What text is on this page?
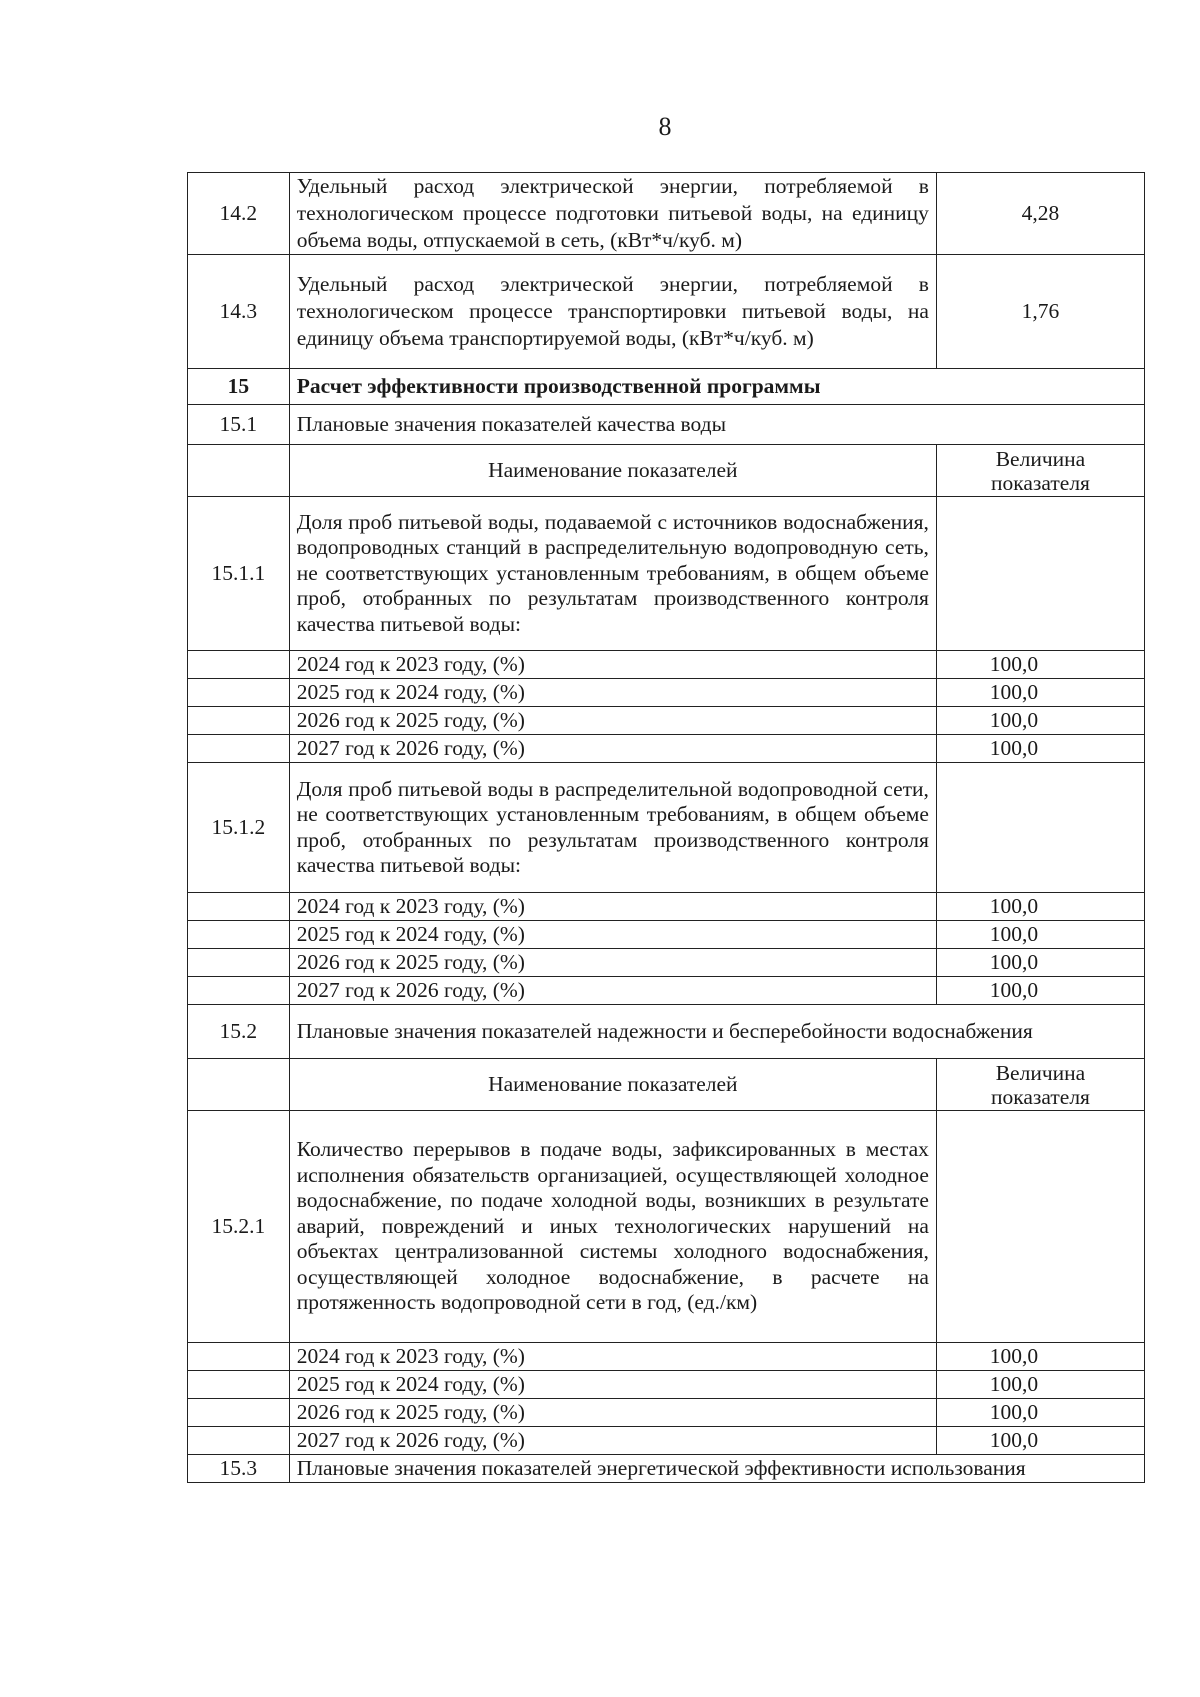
8
14.2	Удельный расход электрической энергии, потребляемой в технологическом процессе подготовки питьевой воды, на единицу объема воды, отпускаемой в сеть, (кВт*ч/куб. м)	4,28
14.3	Удельный расход электрической энергии, потребляемой в технологическом процессе транспортировки питьевой воды, на единицу объема транспортируемой воды, (кВт*ч/куб. м)	1,76
15	Расчет эффективности производственной программы	
15.1	Плановые значения показателей качества воды	
	Наименование показателей	Величина показателя
15.1.1	Доля проб питьевой воды, подаваемой с источников водоснабжения, водопроводных станций в распределительную водопроводную сеть, не соответствующих установленным требованиям, в общем объеме проб, отобранных по результатам производственного контроля качества питьевой воды:	
	2024 год к 2023 году, (%)	100,0
	2025 год к 2024 году, (%)	100,0
	2026 год к 2025 году, (%)	100,0
	2027 год к 2026 году, (%)	100,0
15.1.2	Доля проб питьевой воды в распределительной водопроводной сети, не соответствующих установленным требованиям, в общем объеме проб, отобранных по результатам производственного контроля качества питьевой воды:	
	2024 год к 2023 году, (%)	100,0
	2025 год к 2024 году, (%)	100,0
	2026 год к 2025 году, (%)	100,0
	2027 год к 2026 году, (%)	100,0
15.2	Плановые значения показателей надежности и бесперебойности водоснабжения	
	Наименование показателей	Величина показателя
15.2.1	Количество перерывов в подаче воды, зафиксированных в местах исполнения обязательств организацией, осуществляющей холодное водоснабжение, по подаче холодной воды, возникших в результате аварий, повреждений и иных технологических нарушений на объектах централизованной системы холодного водоснабжения, осуществляющей холодное водоснабжение, в расчете на протяженность водопроводной сети в год, (ед./км)	
	2024 год к 2023 году, (%)	100,0
	2025 год к 2024 году, (%)	100,0
	2026 год к 2025 году, (%)	100,0
	2027 год к 2026 году, (%)	100,0
15.3	Плановые значения показателей энергетической эффективности использования	
